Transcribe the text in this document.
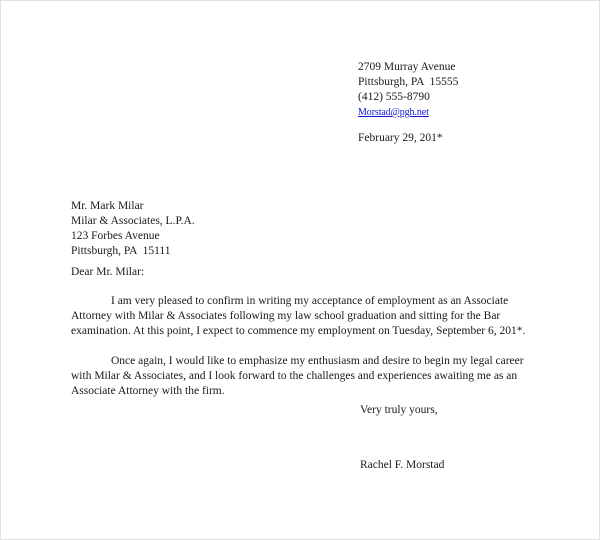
2709 Murray Avenue
Pittsburgh, PA  15555
(412) 555-8790
Morstad@pgh.net
February 29, 201*
Mr. Mark Milar
Milar & Associates, L.P.A.
123 Forbes Avenue
Pittsburgh, PA  15111
Dear Mr. Milar:

I am very pleased to confirm in writing my acceptance of employment as an Associate Attorney with Milar & Associates following my law school graduation and sitting for the Bar examination. At this point, I expect to commence my employment on Tuesday, September 6, 201*.

Once again, I would like to emphasize my enthusiasm and desire to begin my legal career with Milar & Associates, and I look forward to the challenges and experiences awaiting me as an Associate Attorney with the firm.

Very truly yours,
Rachel F. Morstad
